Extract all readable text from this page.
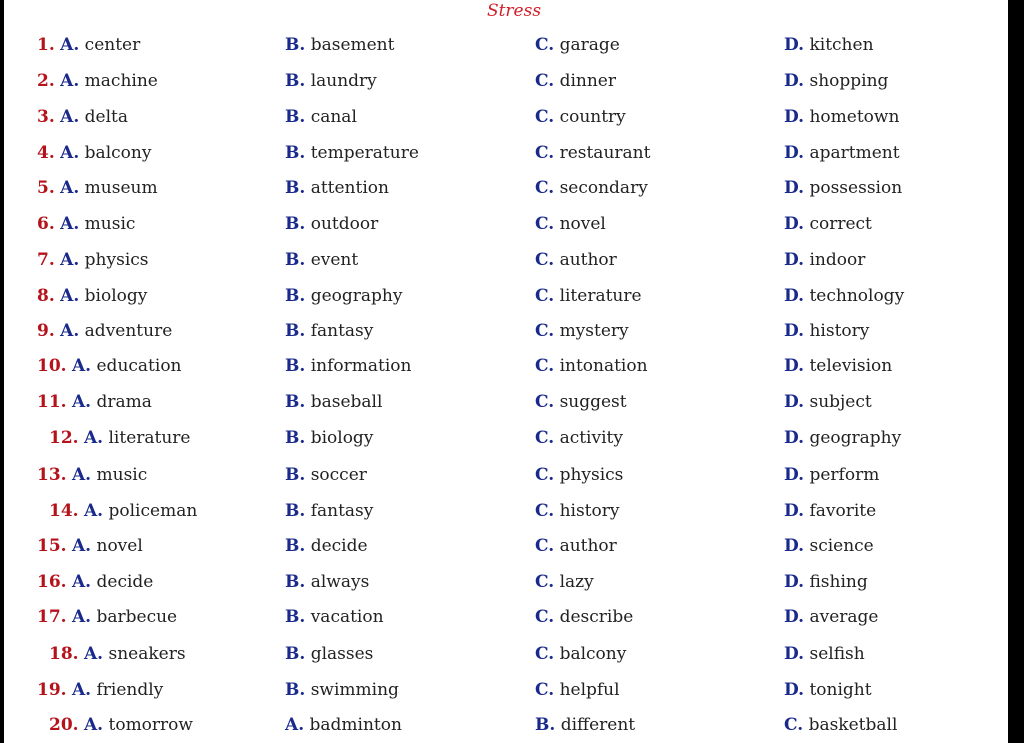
Stress
1. A. center	B. basement	C. garage	D. kitchen
2. A. machine	B. laundry	C. dinner	D. shopping
3. A. delta	B. canal	C. country	D. hometown
4. A. balcony	B. temperature	C. restaurant	D. apartment
5. A. museum	B. attention	C. secondary	D. possession
6. A. music	B. outdoor	C. novel	D. correct
7. A. physics	B. event	C. author	D. indoor
8. A. biology	B. geography	C. literature	D. technology
9. A. adventure	B. fantasy	C. mystery	D. history
10. A. education	B. information	C. intonation	D. television
11. A. drama	B. baseball	C. suggest	D. subject
12. A. literature	B. biology	C. activity	D. geography
13. A. music	B. soccer	C. physics	D. perform
14. A. policeman	B. fantasy	C. history	D. favorite
15. A. novel	B. decide	C. author	D. science
16. A. decide	B. always	C. lazy	D. fishing
17. A. barbecue	B. vacation	C. describe	D. average
18. A. sneakers	B. glasses	C. balcony	D. selfish
19. A. friendly	B. swimming	C. helpful	D. tonight
20. A. tomorrow	A. badminton	B. different	C. basketball
